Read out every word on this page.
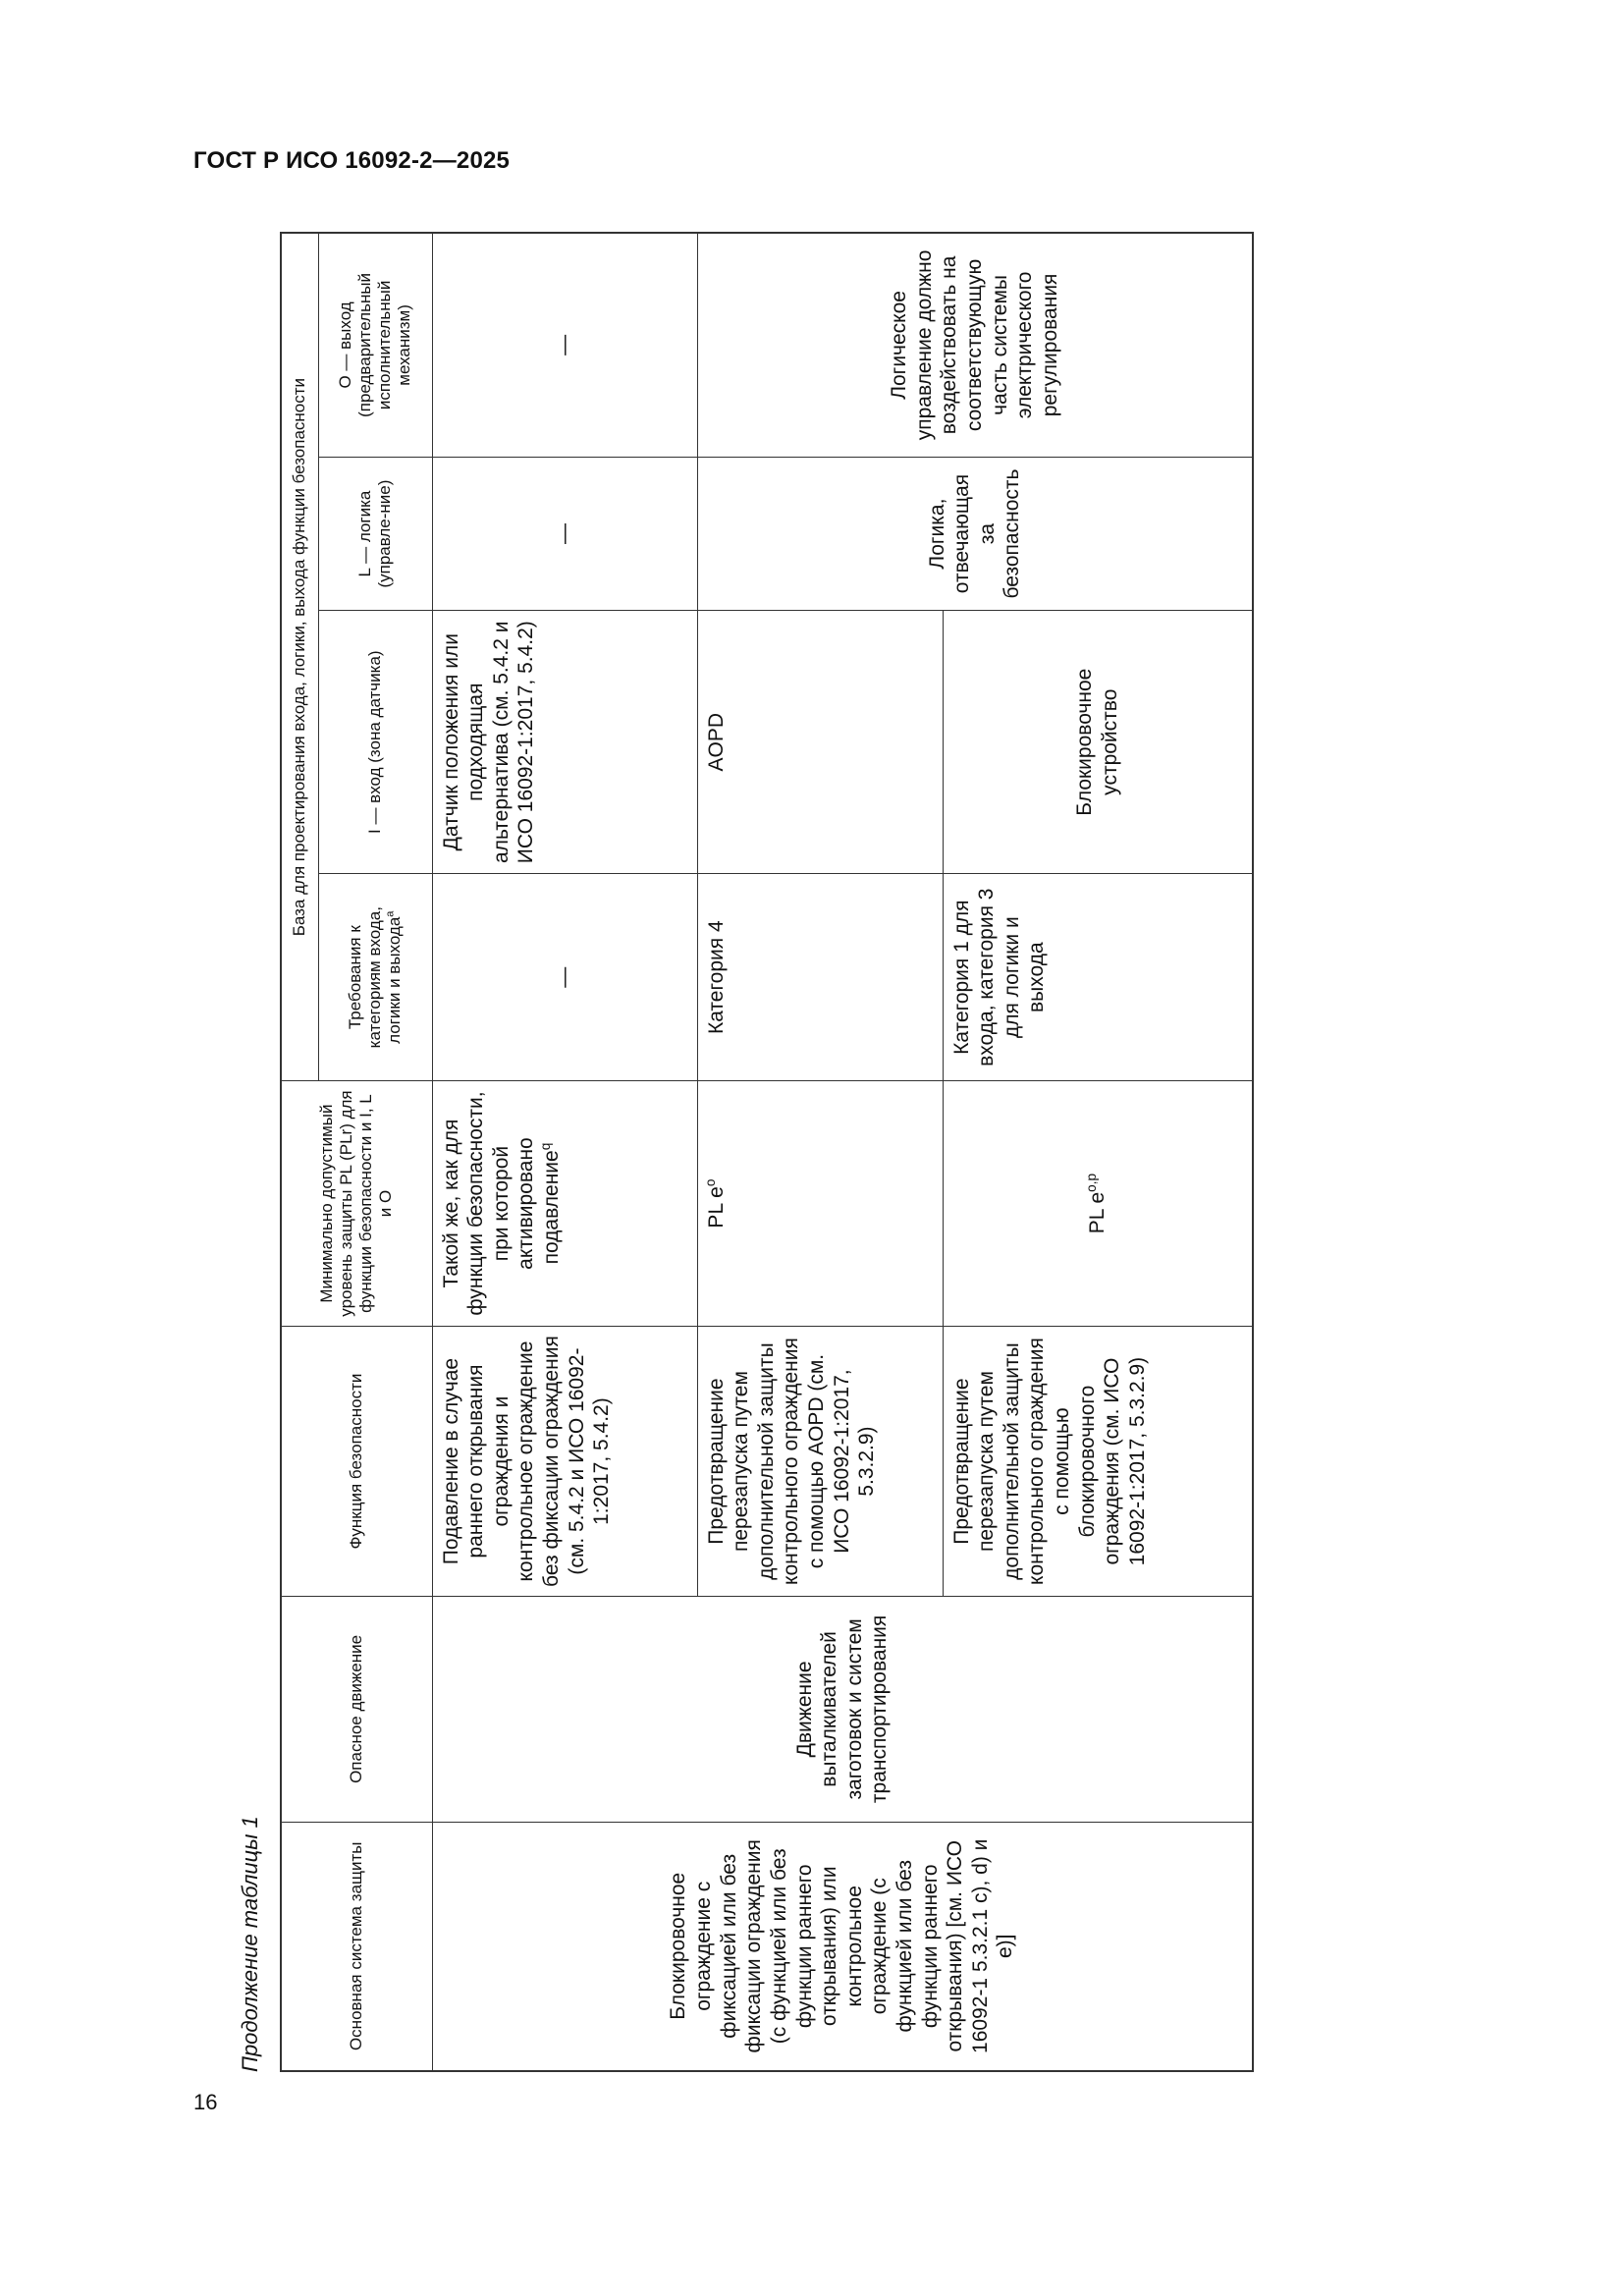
ГОСТ Р ИСО 16092-2—2025
Продолжение таблицы 1	Основная система защиты	Опасное движение	Функция безопасности	Минимально допустимый уровень защиты PL (PLr) для функции безопасности и I, L и O	База для проектирования входа, логики, выхода функции безопасности			
				Требования к категориям входа, логики и выхода$^a$	I — вход (зона датчика)	L — логика (управле-ние)	O — выход (предварительный исполнительный механизм)
Блокировочное ограждение с фиксацией или без фиксации ограждения (с функцией или без функции раннего открывания) или контрольное ограждение (с функцией или без функции раннего открывания) [см. ИСО 16092-1 5.3.2.1 с), d) и е)]	Движение выталкивателей заготовок и систем транспортирования	Подавление в случае раннего открывания ограждения и контрольное ограждение без фиксации ограждения (см. 5.4.2 и ИСО 16092-1:2017, 5.4.2)	Такой же, как для функции безопасности, при которой активировано подавление$^q$	—	Датчик положения или подходящая альтернатива (см. 5.4.2 и ИСО 16092-1:2017, 5.4.2)	—	—
		Предотвращение перезапуска путем дополнительной защиты контрольного ограждения с помощью AOPD (см. ИСО 16092-1:2017, 5.3.2.9)	PL $e^o$	Категория 4	AOPD	Логика, отвечающая за безопасность	Логическое управление должно воздействовать на соответствующую часть системы электрического регулирования
		Предотвращение перезапуска путем дополнительной защиты контрольного ограждения с помощью блокировочного ограждения (см. ИСО 16092-1:2017, 5.3.2.9)	PL $e^{o,p}$	Категория 1 для входа, категория 3 для логики и выхода	Блокировочное устройство		
16
